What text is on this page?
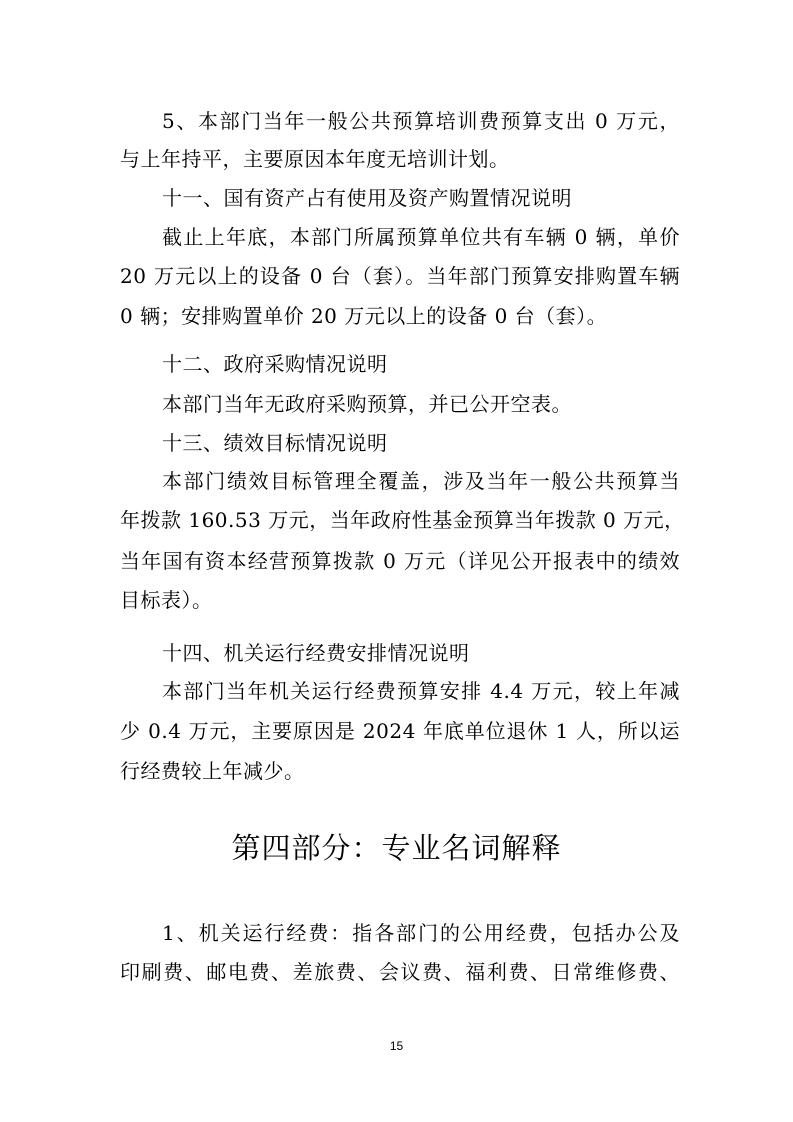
5、本部门当年一般公共预算培训费预算支出 0 万元，
与上年持平，主要原因本年度无培训计划。
十一、国有资产占有使用及资产购置情况说明
截止上年底，本部门所属预算单位共有车辆 0 辆，单价
20 万元以上的设备 0 台（套）。当年部门预算安排购置车辆
0 辆；安排购置单价 20 万元以上的设备 0 台（套）。
十二、政府采购情况说明
本部门当年无政府采购预算，并已公开空表。
十三、绩效目标情况说明
本部门绩效目标管理全覆盖，涉及当年一般公共预算当
年拨款 160.53 万元，当年政府性基金预算当年拨款 0 万元，
当年国有资本经营预算拨款 0 万元（详见公开报表中的绩效
目标表）。
十四、机关运行经费安排情况说明
本部门当年机关运行经费预算安排 4.4 万元，较上年减
少 0.4 万元，主要原因是 2024 年底单位退休 1 人，所以运
行经费较上年减少。
第四部分：专业名词解释
1、机关运行经费：指各部门的公用经费，包括办公及
印刷费、邮电费、差旅费、会议费、福利费、日常维修费、
15
